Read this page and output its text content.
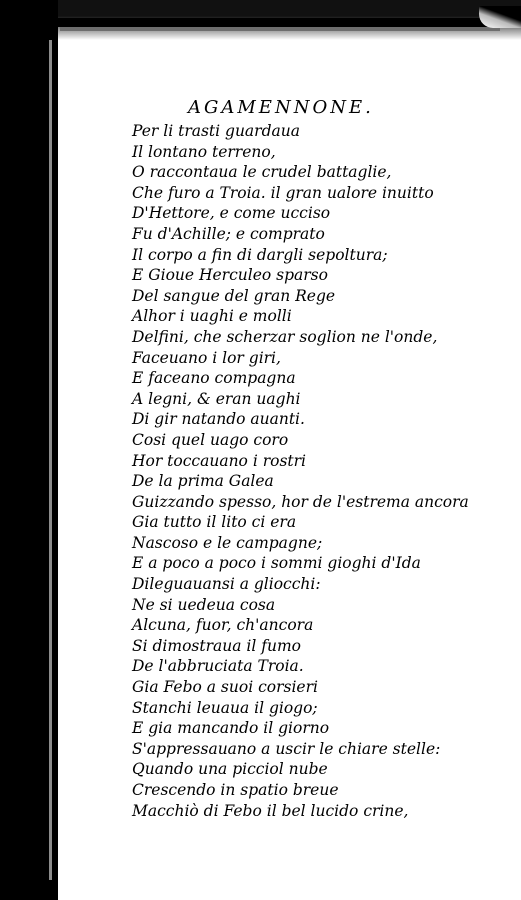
AGAMENNONE.
Per li trasti guardaua
Il lontano terreno,
O raccontaua le crudel battaglie,
Che furo a Troia. il gran ualore inuitto
D'Hettore, e come ucciso
Fu d'Achille; e comprato
Il corpo a fin di dargli sepoltura;
E Gioue Herculeo sparso
Del sangue del gran Rege
Alhor i uaghi e molli
Delfini, che scherzar soglion ne l'onde,
Faceuano i lor giri,
E faceano compagna
A legni, & eran uaghi
Di gir natando auanti.
Cosi quel uago coro
Hor toccauano i rostri
De la prima Galea
Guizzando spesso, hor de l'estrema ancora
Gia tutto il lito ci era
Nascoso e le campagne;
E a poco a poco i sommi gioghi d'Ida
Dileguauansi a gliocchi:
Ne si uedeua cosa
Alcuna, fuor, ch'ancora
Si dimostraua il fumo
De l'abbruciata Troia.
Gia Febo a suoi corsieri
Stanchi leuaua il giogo;
E gia mancando il giorno
S'appressauano a uscir le chiare stelle:
Quando una picciol nube
Crescendo in spatio breue
Macchiò di Febo il bel lucido crine,
